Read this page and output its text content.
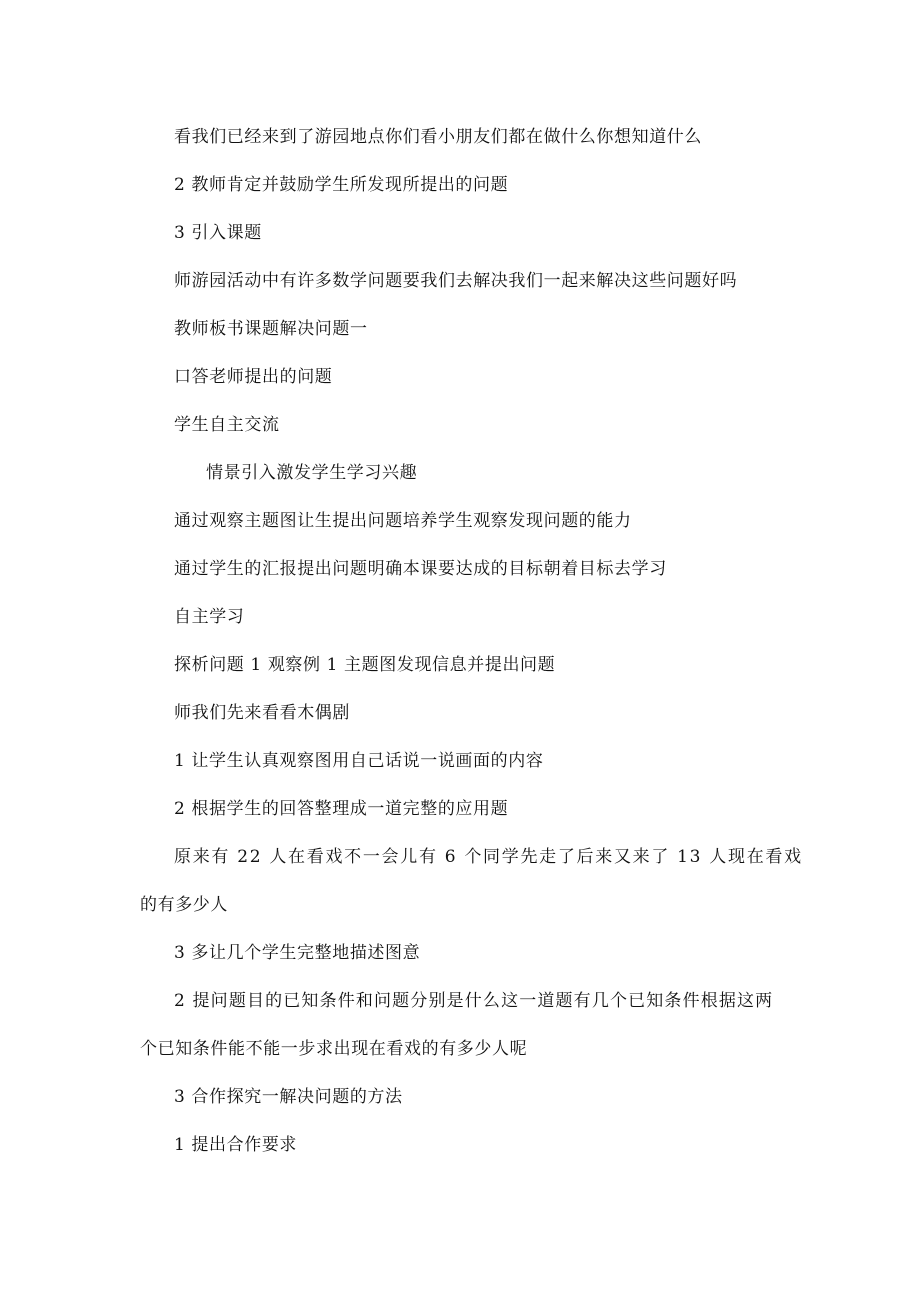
看我们已经来到了游园地点你们看小朋友们都在做什么你想知道什么
2 教师肯定并鼓励学生所发现所提出的问题
3 引入课题
师游园活动中有许多数学问题要我们去解决我们一起来解决这些问题好吗
教师板书课题解决问题一
口答老师提出的问题
学生自主交流
情景引入激发学生学习兴趣
通过观察主题图让生提出问题培养学生观察发现问题的能力
通过学生的汇报提出问题明确本课要达成的目标朝着目标去学习
自主学习
探析问题 1 观察例 1 主题图发现信息并提出问题
师我们先来看看木偶剧
1 让学生认真观察图用自己话说一说画面的内容
2 根据学生的回答整理成一道完整的应用题
原来有 22 人在看戏不一会儿有 6 个同学先走了后来又来了 13 人现在看戏
的有多少人
3 多让几个学生完整地描述图意
2 提问题目的已知条件和问题分别是什么这一道题有几个已知条件根据这两
个已知条件能不能一步求出现在看戏的有多少人呢
3 合作探究一解决问题的方法
1 提出合作要求
